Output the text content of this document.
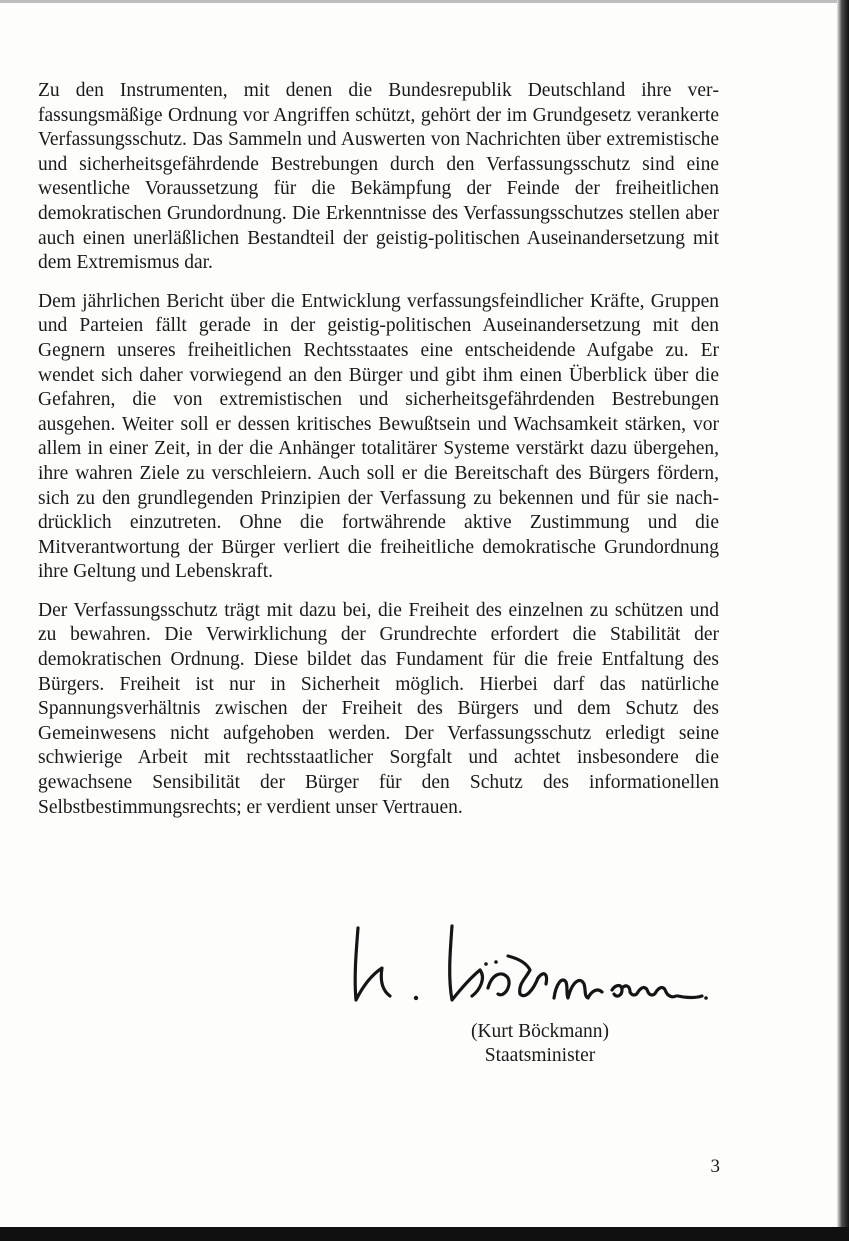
Zu den Instrumenten, mit denen die Bundesrepublik Deutschland ihre verfassungsmäßige Ordnung vor Angriffen schützt, gehört der im Grundgesetz verankerte Verfassungsschutz. Das Sammeln und Auswerten von Nachrichten über extremistische und sicherheitsgefährdende Bestrebungen durch den Verfassungsschutz sind eine wesentliche Voraussetzung für die Bekämpfung der Feinde der freiheitlichen demokratischen Grundordnung. Die Erkenntnisse des Verfassungsschutzes stellen aber auch einen unerläßlichen Bestandteil der geistig-politischen Auseinandersetzung mit dem Extremismus dar.

Dem jährlichen Bericht über die Entwicklung verfassungsfeindlicher Kräfte, Gruppen und Parteien fällt gerade in der geistig-politischen Auseinandersetzung mit den Gegnern unseres freiheitlichen Rechtsstaates eine entscheidende Aufgabe zu. Er wendet sich daher vorwiegend an den Bürger und gibt ihm einen Überblick über die Gefahren, die von extremistischen und sicherheitsgefährdenden Bestrebungen ausgehen. Weiter soll er dessen kritisches Bewußtsein und Wachsamkeit stärken, vor allem in einer Zeit, in der die Anhänger totalitärer Systeme verstärkt dazu übergehen, ihre wahren Ziele zu verschleiern. Auch soll er die Bereitschaft des Bürgers fördern, sich zu den grundlegenden Prinzipien der Verfassung zu bekennen und für sie nachdrücklich einzutreten. Ohne die fortwährende aktive Zustimmung und die Mitverantwortung der Bürger verliert die freiheitliche demokratische Grundordnung ihre Geltung und Lebenskraft.

Der Verfassungsschutz trägt mit dazu bei, die Freiheit des einzelnen zu schützen und zu bewahren. Die Verwirklichung der Grundrechte erfordert die Stabilität der demokratischen Ordnung. Diese bildet das Fundament für die freie Entfaltung des Bürgers. Freiheit ist nur in Sicherheit möglich. Hierbei darf das natürliche Spannungsverhältnis zwischen der Freiheit des Bürgers und dem Schutz des Gemeinwesens nicht aufgehoben werden. Der Verfassungsschutz erledigt seine schwierige Arbeit mit rechtsstaatlicher Sorgfalt und achtet insbesondere die gewachsene Sensibilität der Bürger für den Schutz des informationellen Selbstbestimmungsrechts; er verdient unser Vertrauen.

(Kurt Böckmann)
Staatsminister
3
